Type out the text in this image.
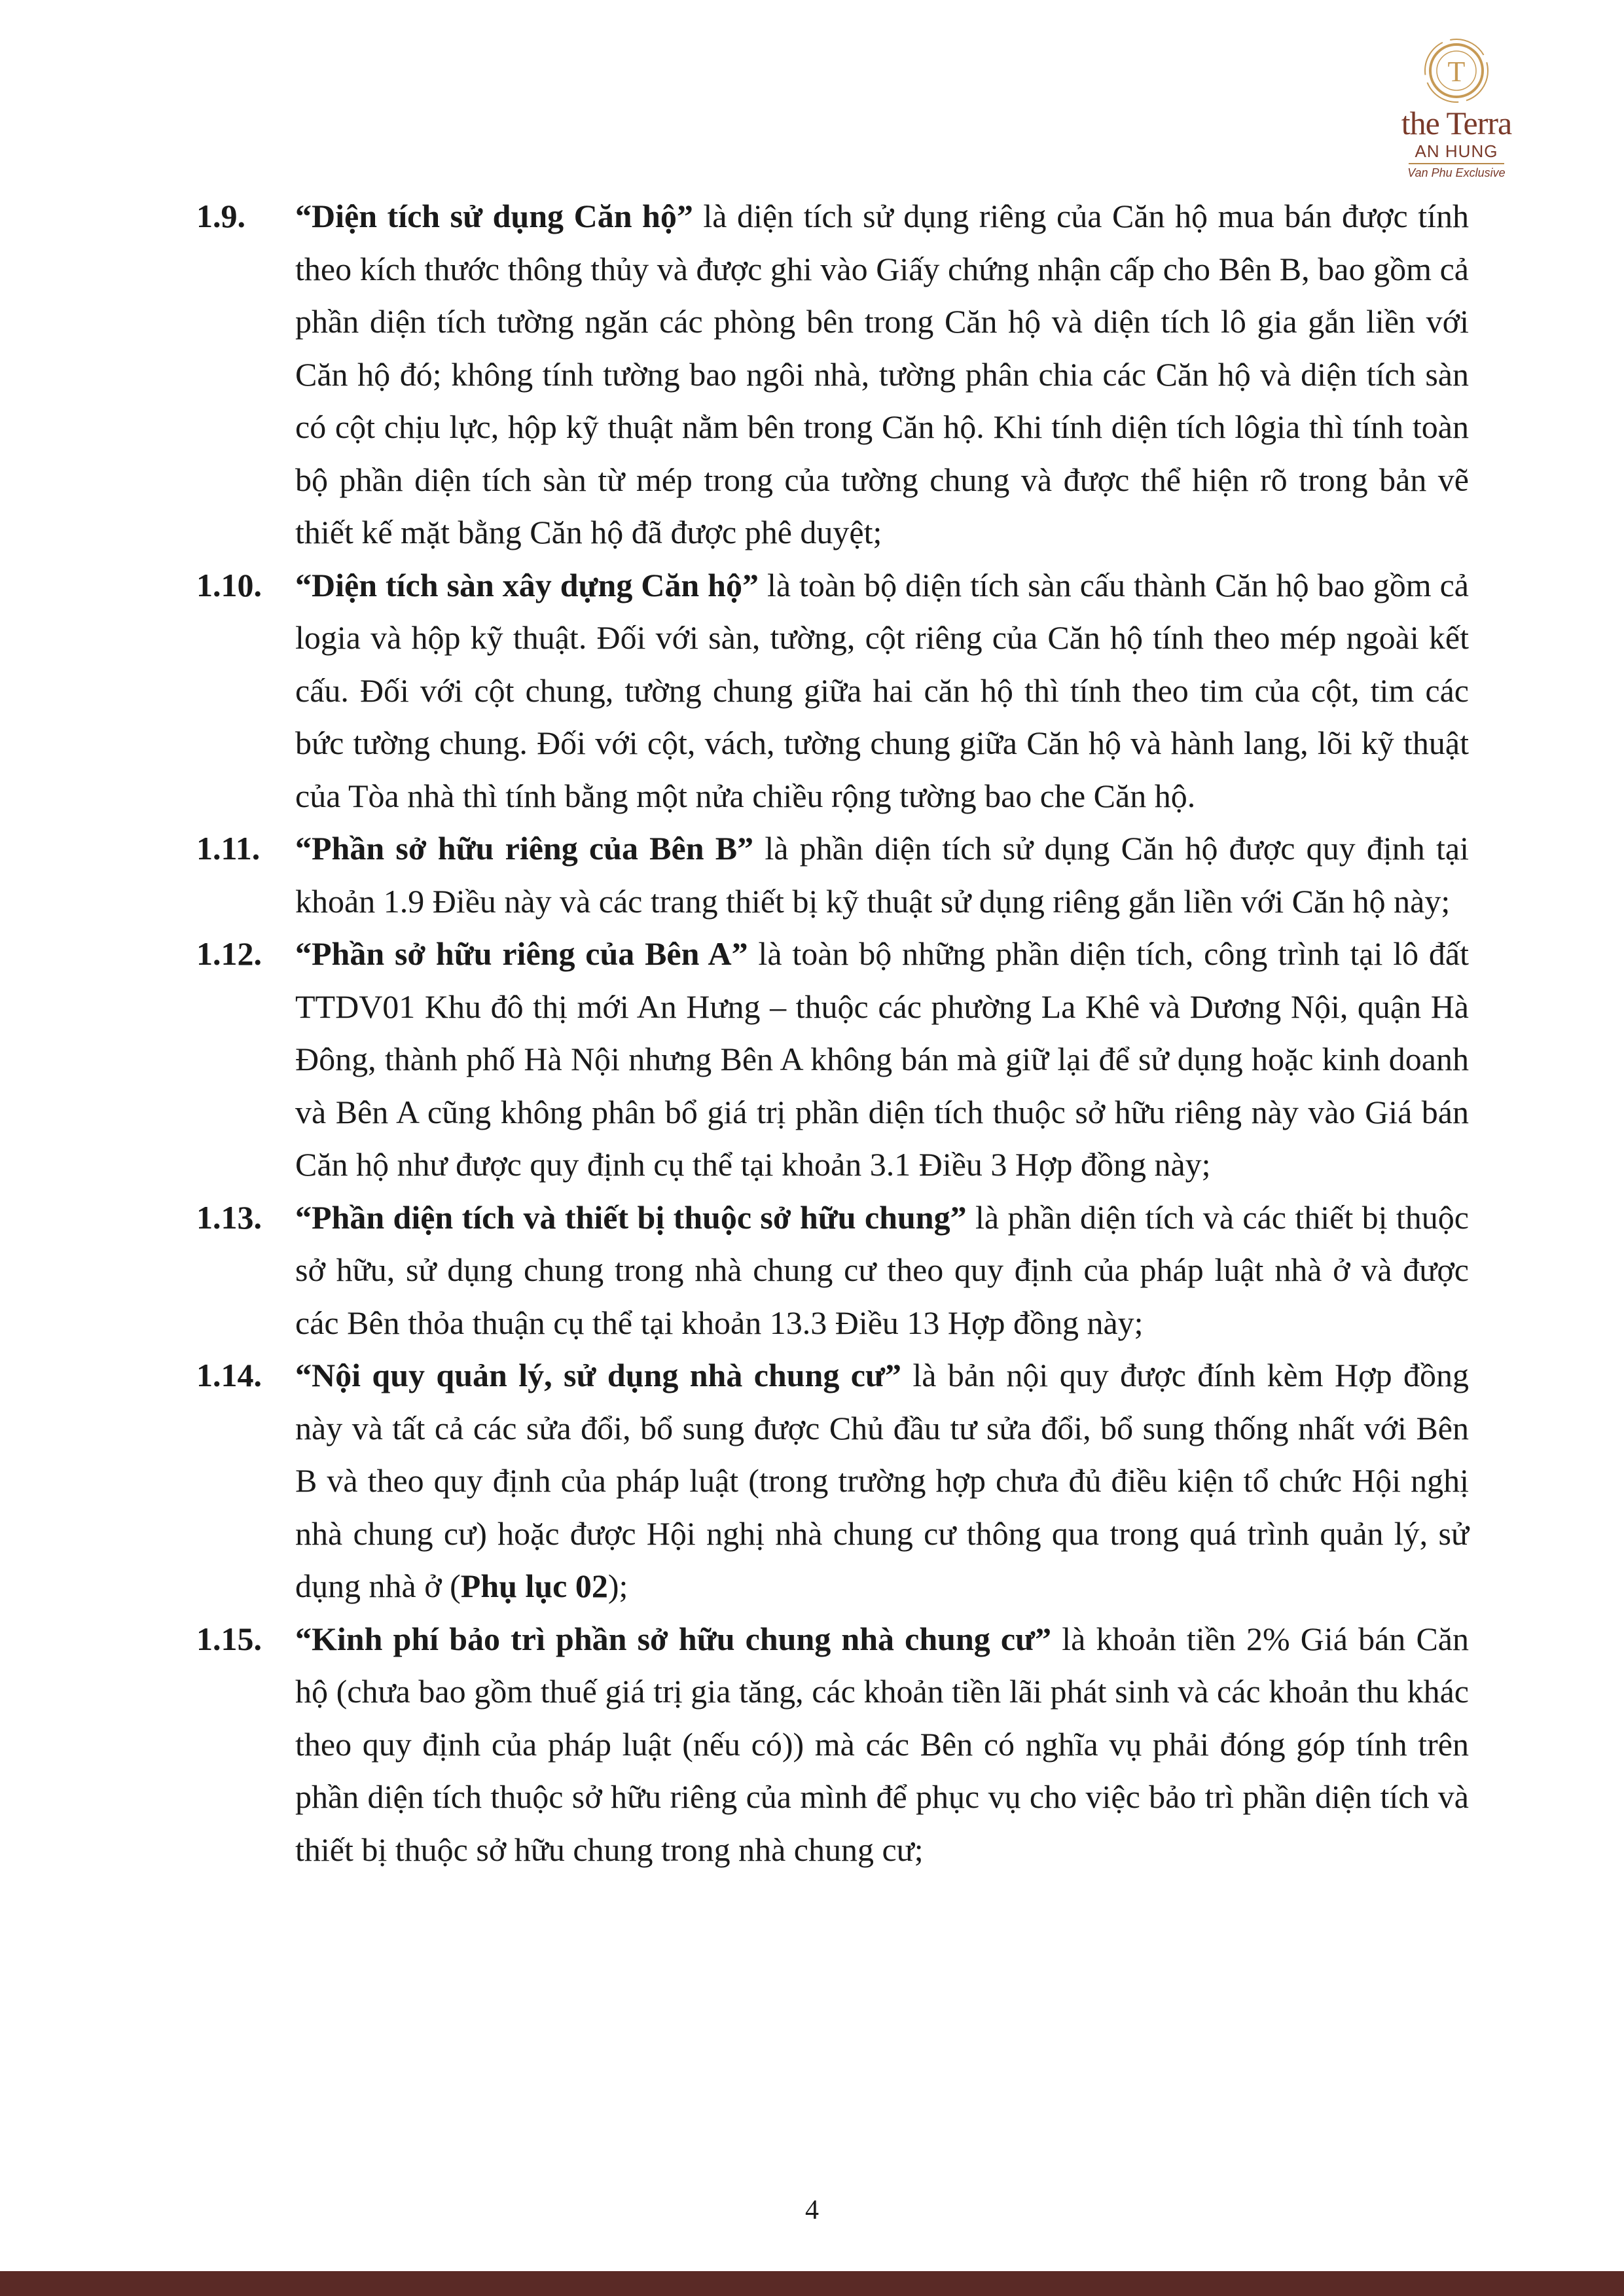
T
the Terra
AN HUNG
Van Phu Exclusive
1.9. “Diện tích sử dụng Căn hộ” là diện tích sử dụng riêng của Căn hộ mua bán được tính theo kích thước thông thủy và được ghi vào Giấy chứng nhận cấp cho Bên B, bao gồm cả phần diện tích tường ngăn các phòng bên trong Căn hộ và diện tích lô gia gắn liền với Căn hộ đó; không tính tường bao ngôi nhà, tường phân chia các Căn hộ và diện tích sàn có cột chịu lực, hộp kỹ thuật nằm bên trong Căn hộ. Khi tính diện tích lôgia thì tính toàn bộ phần diện tích sàn từ mép trong của tường chung và được thể hiện rõ trong bản vẽ thiết kế mặt bằng Căn hộ đã được phê duyệt;
1.10. “Diện tích sàn xây dựng Căn hộ” là toàn bộ diện tích sàn cấu thành Căn hộ bao gồm cả logia và hộp kỹ thuật. Đối với sàn, tường, cột riêng của Căn hộ tính theo mép ngoài kết cấu. Đối với cột chung, tường chung giữa hai căn hộ thì tính theo tim của cột, tim các bức tường chung. Đối với cột, vách, tường chung giữa Căn hộ và hành lang, lõi kỹ thuật của Tòa nhà thì tính bằng một nửa chiều rộng tường bao che Căn hộ.
1.11. “Phần sở hữu riêng của Bên B” là phần diện tích sử dụng Căn hộ được quy định tại khoản 1.9 Điều này và các trang thiết bị kỹ thuật sử dụng riêng gắn liền với Căn hộ này;
1.12. “Phần sở hữu riêng của Bên A” là toàn bộ những phần diện tích, công trình tại lô đất TTDV01 Khu đô thị mới An Hưng – thuộc các phường La Khê và Dương Nội, quận Hà Đông, thành phố Hà Nội nhưng Bên A không bán mà giữ lại để sử dụng hoặc kinh doanh và Bên A cũng không phân bổ giá trị phần diện tích thuộc sở hữu riêng này vào Giá bán Căn hộ như được quy định cụ thể tại khoản 3.1 Điều 3 Hợp đồng này;
1.13. “Phần diện tích và thiết bị thuộc sở hữu chung” là phần diện tích và các thiết bị thuộc sở hữu, sử dụng chung trong nhà chung cư theo quy định của pháp luật nhà ở và được các Bên thỏa thuận cụ thể tại khoản 13.3 Điều 13 Hợp đồng này;
1.14. “Nội quy quản lý, sử dụng nhà chung cư” là bản nội quy được đính kèm Hợp đồng này và tất cả các sửa đổi, bổ sung được Chủ đầu tư sửa đổi, bổ sung thống nhất với Bên B và theo quy định của pháp luật (trong trường hợp chưa đủ điều kiện tổ chức Hội nghị nhà chung cư) hoặc được Hội nghị nhà chung cư thông qua trong quá trình quản lý, sử dụng nhà ở (Phụ lục 02);
1.15. “Kinh phí bảo trì phần sở hữu chung nhà chung cư” là khoản tiền 2% Giá bán Căn hộ (chưa bao gồm thuế giá trị gia tăng, các khoản tiền lãi phát sinh và các khoản thu khác theo quy định của pháp luật (nếu có)) mà các Bên có nghĩa vụ phải đóng góp tính trên phần diện tích thuộc sở hữu riêng của mình để phục vụ cho việc bảo trì phần diện tích và thiết bị thuộc sở hữu chung trong nhà chung cư;
4
